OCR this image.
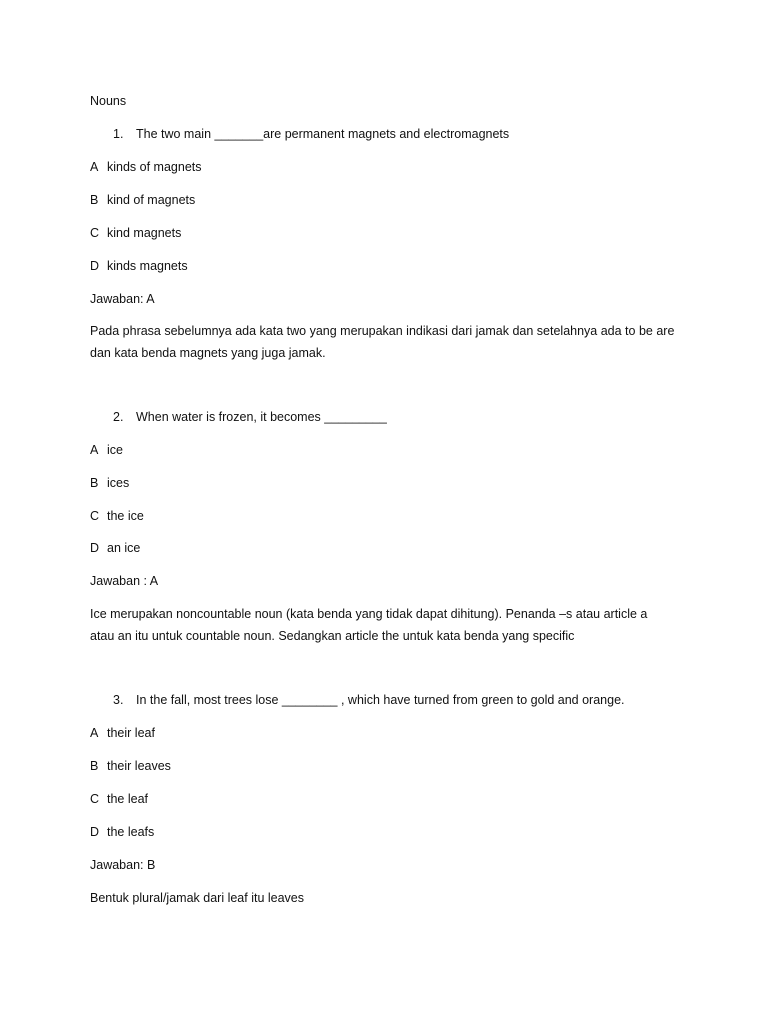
Nouns
1. The two main _______are permanent magnets and electromagnets
A kinds of magnets
B kind of magnets
C kind magnets
D kinds magnets
Jawaban: A
Pada phrasa sebelumnya ada kata two yang merupakan indikasi dari jamak dan setelahnya ada to be are
dan kata benda magnets yang juga jamak.
2. When water is frozen, it becomes _________
A ice
B ices
C the ice
D an ice
Jawaban : A
Ice merupakan noncountable noun (kata benda yang tidak dapat dihitung). Penanda –s atau article a
atau an itu untuk countable noun. Sedangkan article the untuk kata benda yang specific
3. In the fall, most trees lose ________ , which have turned from green to gold and orange.
A their leaf
B their leaves
C the leaf
D the leafs
Jawaban: B
Bentuk plural/jamak dari leaf itu leaves
